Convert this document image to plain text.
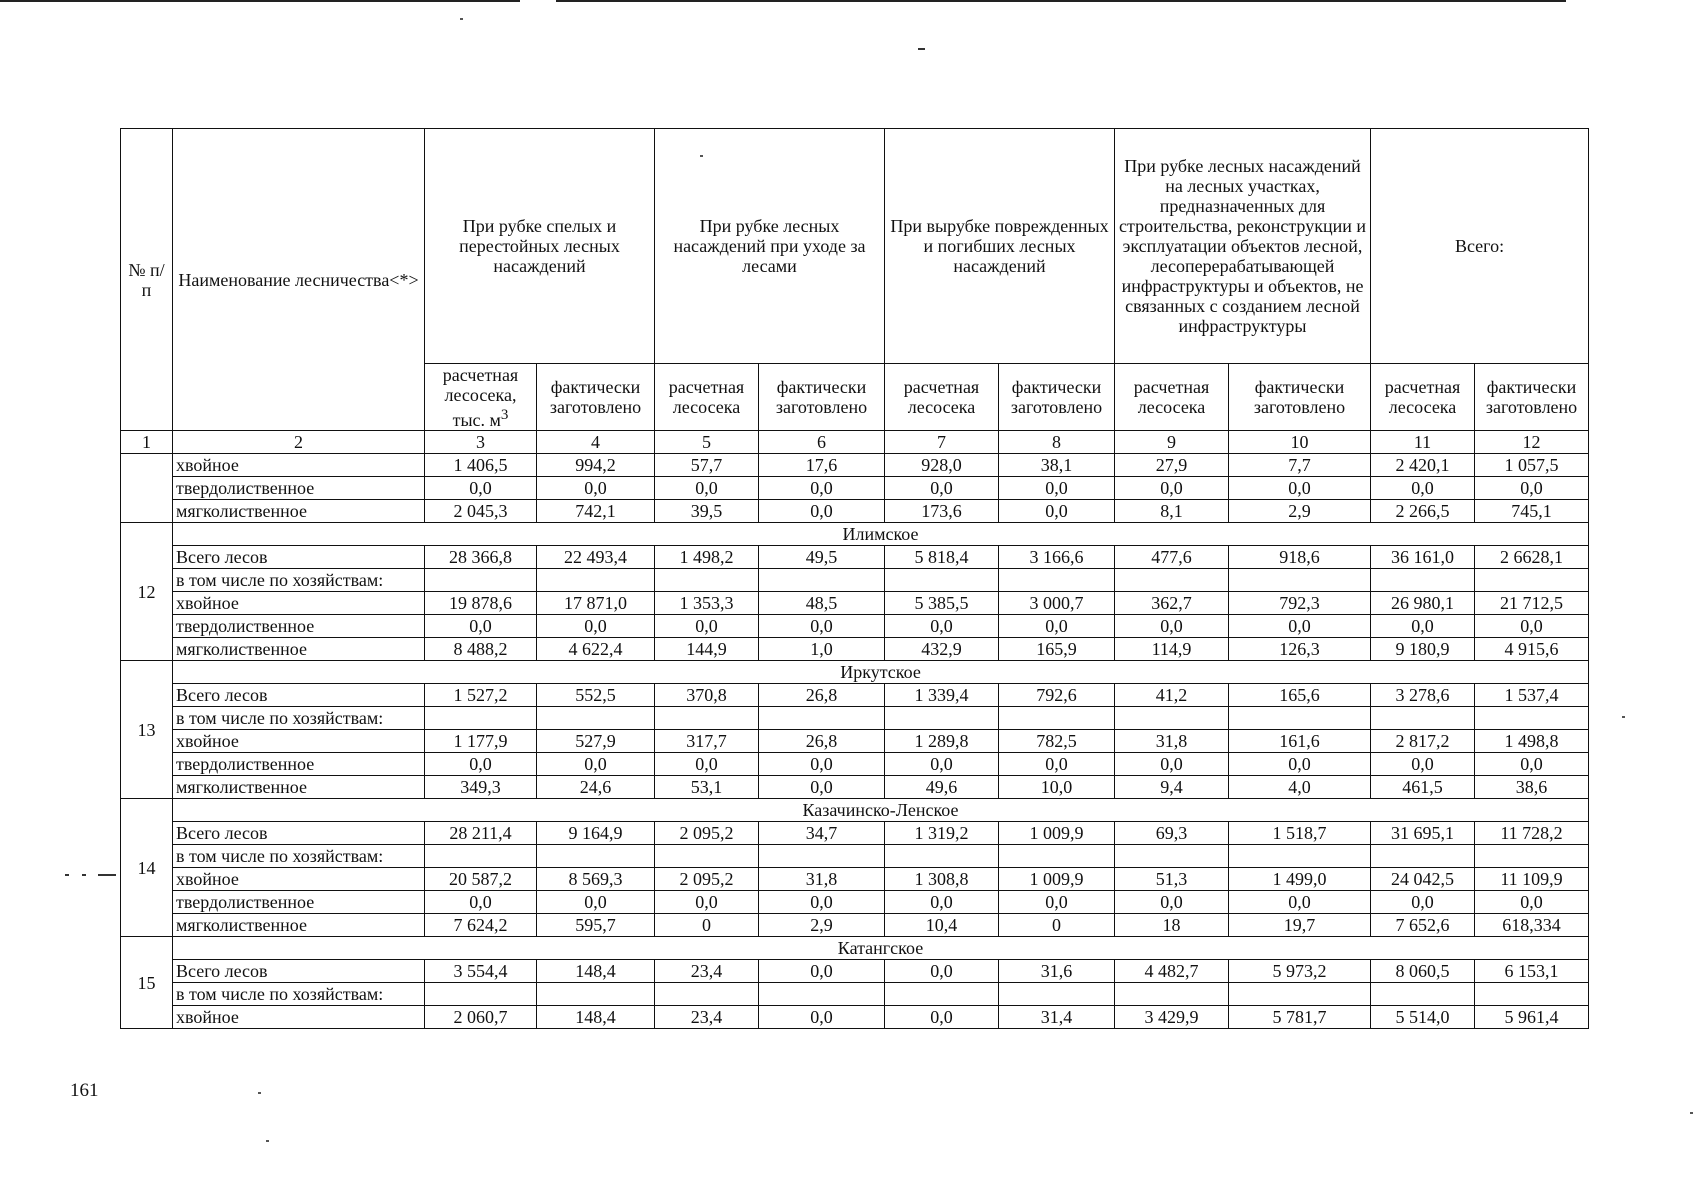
№ п/п	Наименование лесничества<*>	При рубке спелых и перестойных лесных насаждений		При рубке лесных насаждений при уходе за лесами		При вырубке поврежденных и погибших лесных насаждений		При рубке лесных насаждений на лесных участках, предназначенных для строительства, реконструкции и эксплуатации объектов лесной, лесоперерабатывающей инфраструктуры и объектов, не связанных с созданием лесной инфраструктуры		Всего:	
		расчетная лесосека, тыс. $м^3$	фактически заготовлено	расчетная лесосека	фактически заготовлено	расчетная лесосека	фактически заготовлено	расчетная лесосека	фактически заготовлено	расчетная лесосека	фактически заготовлено
1	2	3	4	5	6	7	8	9	10	11	12
	хвойное	1 406,5	994,2	57,7	17,6	928,0	38,1	27,9	7,7	2 420,1	1 057,5
	твердолиственное	0,0	0,0	0,0	0,0	0,0	0,0	0,0	0,0	0,0	0,0
	мягколиственное	2 045,3	742,1	39,5	0,0	173,6	0,0	8,1	2,9	2 266,5	745,1
12	Илимское										
	Всего лесов	28 366,8	22 493,4	1 498,2	49,5	5 818,4	3 166,6	477,6	918,6	36 161,0	2 6628,1
	в том числе по хозяйствам:										
	хвойное	19 878,6	17 871,0	1 353,3	48,5	5 385,5	3 000,7	362,7	792,3	26 980,1	21 712,5
	твердолиственное	0,0	0,0	0,0	0,0	0,0	0,0	0,0	0,0	0,0	0,0
	мягколиственное	8 488,2	4 622,4	144,9	1,0	432,9	165,9	114,9	126,3	9 180,9	4 915,6
13	Иркутское										
	Всего лесов	1 527,2	552,5	370,8	26,8	1 339,4	792,6	41,2	165,6	3 278,6	1 537,4
	в том числе по хозяйствам:										
	хвойное	1 177,9	527,9	317,7	26,8	1 289,8	782,5	31,8	161,6	2 817,2	1 498,8
	твердолиственное	0,0	0,0	0,0	0,0	0,0	0,0	0,0	0,0	0,0	0,0
	мягколиственное	349,3	24,6	53,1	0,0	49,6	10,0	9,4	4,0	461,5	38,6
14	Казачинско-Ленское										
	Всего лесов	28 211,4	9 164,9	2 095,2	34,7	1 319,2	1 009,9	69,3	1 518,7	31 695,1	11 728,2
	в том числе по хозяйствам:										
	хвойное	20 587,2	8 569,3	2 095,2	31,8	1 308,8	1 009,9	51,3	1 499,0	24 042,5	11 109,9
	твердолиственное	0,0	0,0	0,0	0,0	0,0	0,0	0,0	0,0	0,0	0,0
	мягколиственное	7 624,2	595,7	0	2,9	10,4	0	18	19,7	7 652,6	618,334
15	Катангское										
	Всего лесов	3 554,4	148,4	23,4	0,0	0,0	31,6	4 482,7	5 973,2	8 060,5	6 153,1
	в том числе по хозяйствам:										
	хвойное	2 060,7	148,4	23,4	0,0	0,0	31,4	3 429,9	5 781,7	5 514,0	5 961,4
161
